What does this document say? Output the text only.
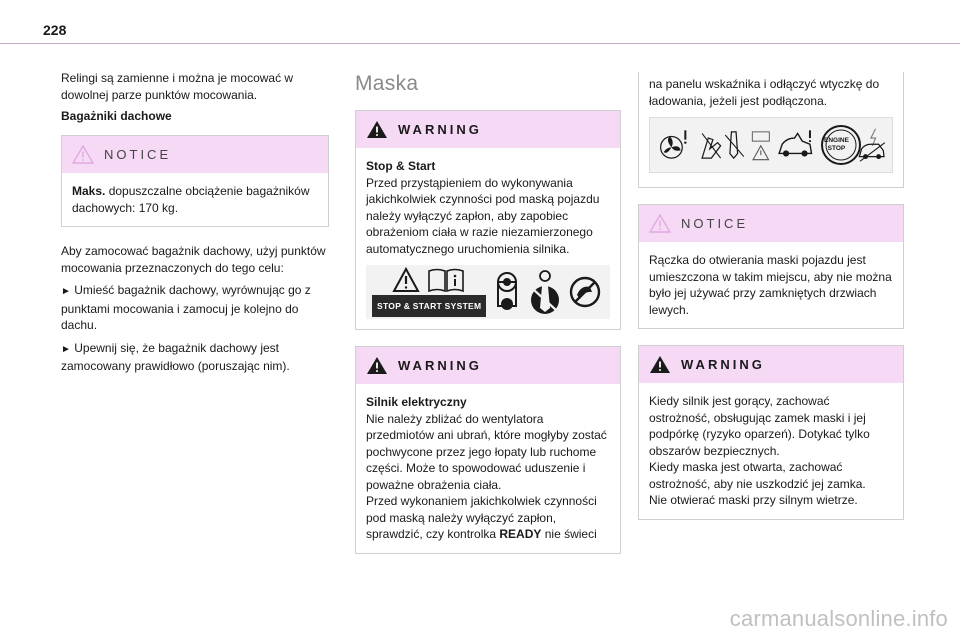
228

Relingi są zamienne i można je mocować w dowolnej parze punktów mocowania.

Bagażniki dachowe
NOTICE
Maks. dopuszczalne obciążenie bagażników dachowych: 170 kg.

Aby zamocować bagażnik dachowy, użyj punktów mocowania przeznaczonych do tego celu:

► Umieść bagażnik dachowy, wyrównując go z punktami mocowania i zamocuj je kolejno do dachu.

► Upewnij się, że bagażnik dachowy jest zamocowany prawidłowo (poruszając nim).

Maska
WARNING
Stop & Start
Przed przystąpieniem do wykonywania jakichkolwiek czynności pod maską pojazdu należy wyłączyć zapłon, aby zapobiec obrażeniom ciała w razie niezamierzonego automatycznego uruchomienia silnika.
STOP & START SYSTEM
WARNING
Silnik elektryczny
Nie należy zbliżać do wentylatora przedmiotów ani ubrań, które mogłyby zostać pochwycone przez jego łopaty lub ruchome części. Może to spowodować uduszenie i poważne obrażenia ciała.
Przed wykonaniem jakichkolwiek czynności pod maską należy wyłączyć zapłon, sprawdzić, czy kontrolka READY nie świeci
na panelu wskaźnika i odłączyć wtyczkę do ładowania, jeżeli jest podłączona.
ENGINE STOP
NOTICE
Rączka do otwierania maski pojazdu jest umieszczona w takim miejscu, aby nie można było jej używać przy zamkniętych drzwiach lewych.
WARNING
Kiedy silnik jest gorący, zachować ostrożność, obsługując zamek maski i jej podpórkę (ryzyko oparzeń). Dotykać tylko obszarów bezpiecznych.
Kiedy maska jest otwarta, zachować ostrożność, aby nie uszkodzić jej zamka.
Nie otwierać maski przy silnym wietrze.
carmanualsonline.info
